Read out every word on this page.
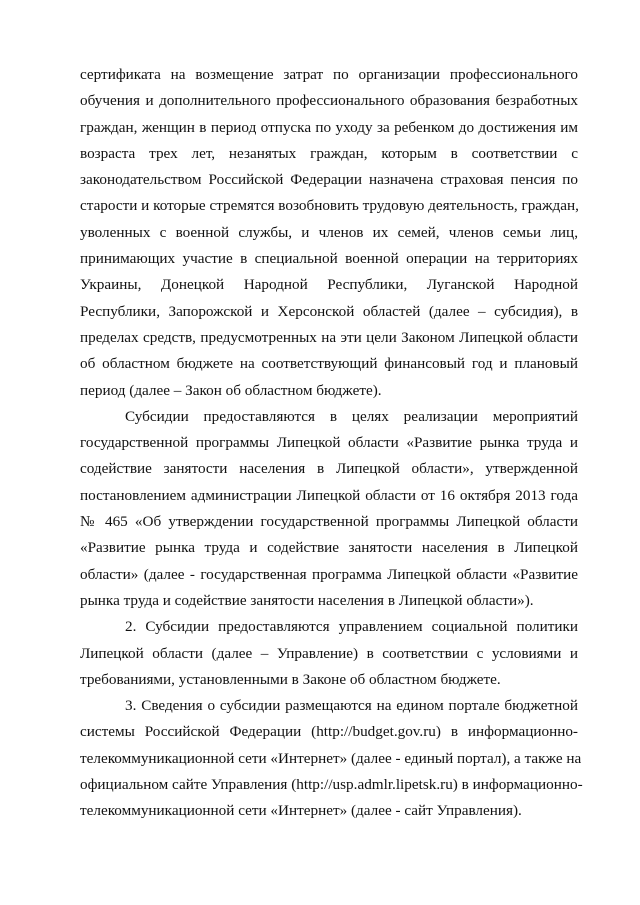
сертификата на возмещение затрат по организации профессионального
обучения и дополнительного профессионального образования безработных
граждан, женщин в период отпуска по уходу за ребенком до достижения им
возраста трех лет, незанятых граждан, которым в соответствии с
законодательством Российской Федерации назначена страховая пенсия по
старости и которые стремятся возобновить трудовую деятельность, граждан,
уволенных с военной службы, и членов их семей, членов семьи лиц,
принимающих участие в специальной военной операции на территориях
Украины, Донецкой Народной Республики, Луганской Народной
Республики, Запорожской и Херсонской областей (далее – субсидия), в
пределах средств, предусмотренных на эти цели Законом Липецкой области
об областном бюджете на соответствующий финансовый год и плановый
период (далее – Закон об областном бюджете).
Субсидии предоставляются в целях реализации мероприятий
государственной программы Липецкой области «Развитие рынка труда и
содействие занятости населения в Липецкой области», утвержденной
постановлением администрации Липецкой области от 16 октября 2013 года
№ 465 «Об утверждении государственной программы Липецкой области
«Развитие рынка труда и содействие занятости населения в Липецкой
области» (далее - государственная программа Липецкой области «Развитие
рынка труда и содействие занятости населения в Липецкой области»).
2. Субсидии предоставляются управлением социальной политики
Липецкой области (далее – Управление) в соответствии с условиями и
требованиями, установленными в Законе об областном бюджете.
3. Сведения о субсидии размещаются на едином портале бюджетной
системы Российской Федерации (http://budget.gov.ru) в информационно-
телекоммуникационной сети «Интернет» (далее - единый портал), а также на
официальном сайте Управления (http://usp.admlr.lipetsk.ru) в информационно-
телекоммуникационной сети «Интернет» (далее - сайт Управления).
